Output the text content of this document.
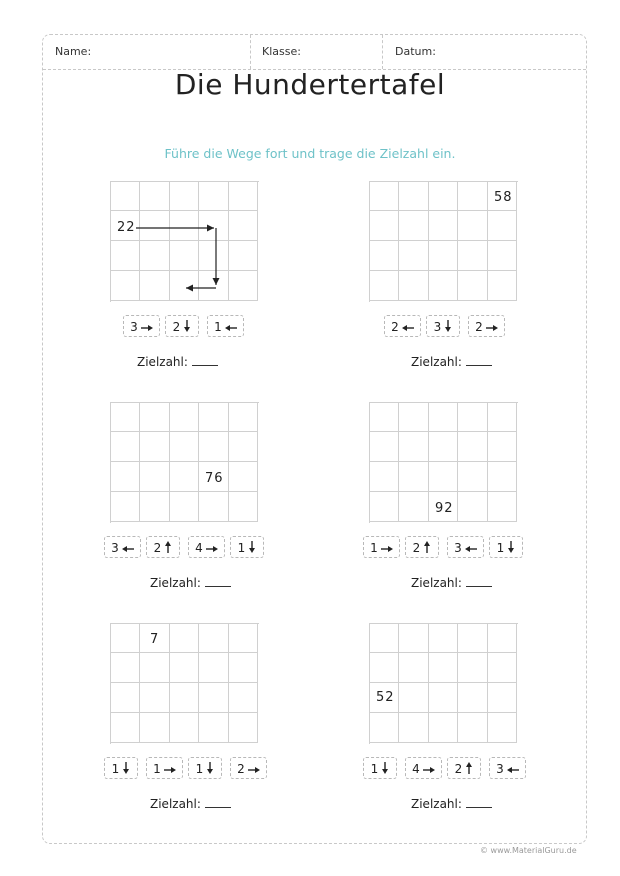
Name:	Klasse:	Datum:
Die Hundertertafel
Führe die Wege fort und trage die Zielzahl ein.
22
3	2	1
Zielzahl:
58
2	3	2
Zielzahl:
76
3	2	4	1
Zielzahl:
92
1	2	3	1
Zielzahl:
7
1	1	1	2
Zielzahl:
52
1	4	2	3
Zielzahl:
© www.MaterialGuru.de
